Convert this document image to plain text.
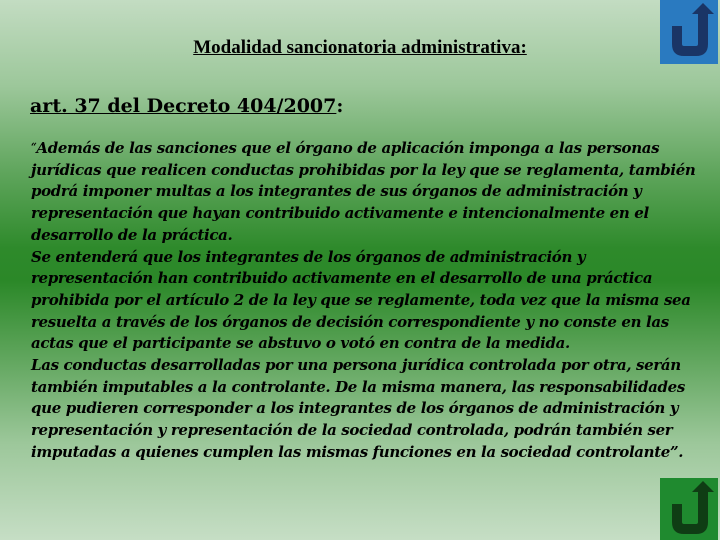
Modalidad sancionatoria administrativa:
art. 37 del Decreto 404/2007:

“Además de las sanciones que el órgano de aplicación imponga a las personas jurídicas que realicen conductas prohibidas por la ley que se reglamenta, también podrá imponer multas a los integrantes de sus órganos de administración y representación que hayan contribuido activamente e intencionalmente en el desarrollo de la práctica.

Se entenderá que los integrantes de los órganos de administración y representación han contribuido activamente en el desarrollo de una práctica prohibida por el artículo 2 de la ley que se reglamente, toda vez que la misma sea resuelta a través de los órganos de decisión correspondiente y no conste en las actas que el participante se abstuvo o votó en contra de la medida.

Las conductas desarrolladas por una persona jurídica controlada por otra, serán también imputables a la controlante. De la misma manera, las responsabilidades que pudieren corresponder a los integrantes de los órganos de administración y representación y representación de la sociedad controlada, podrán también ser imputadas a quienes cumplen las mismas funciones en la sociedad controlante”.
